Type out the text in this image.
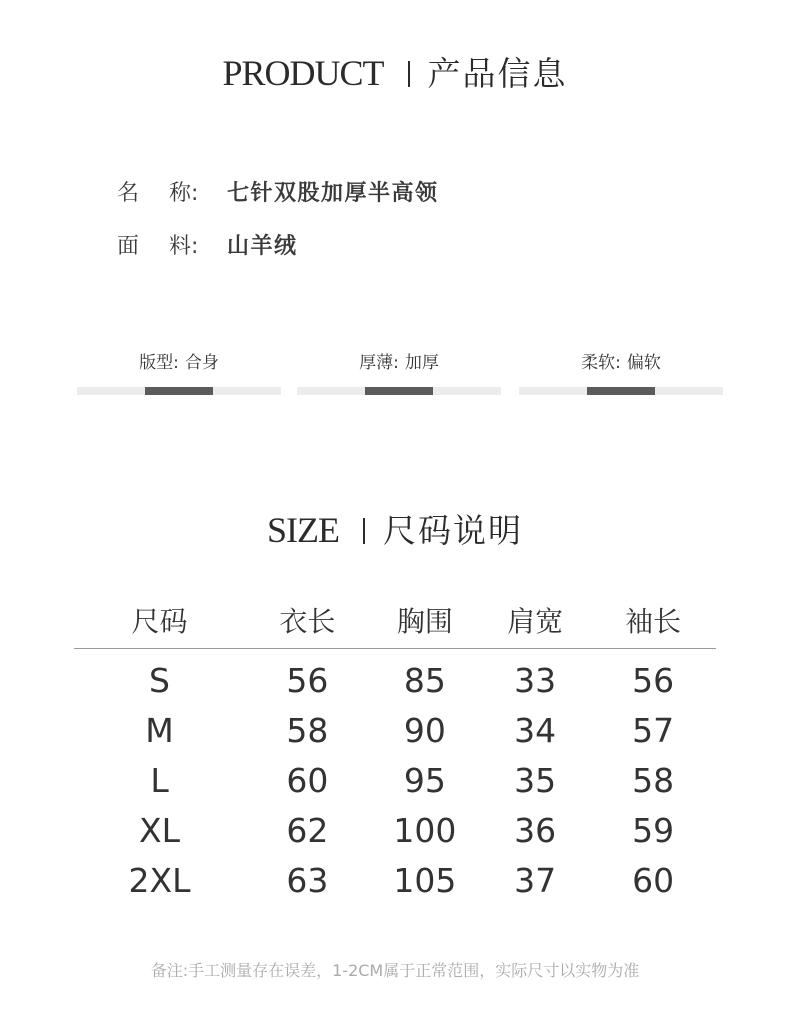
PRODUCT 产品信息
名 称: 七针双股加厚半高领
面 料: 山羊绒
版型: 合身	厚薄: 加厚	柔软: 偏软
SIZE 尺码说明
尺码	衣长	胸围	肩宽	袖长
S	56	85	33	56
M	58	90	34	57
L	60	95	35	58
XL	62	100	36	59
2XL	63	105	37	60
备注:手工测量存在误差，1-2CM属于正常范围，实际尺寸以实物为准
